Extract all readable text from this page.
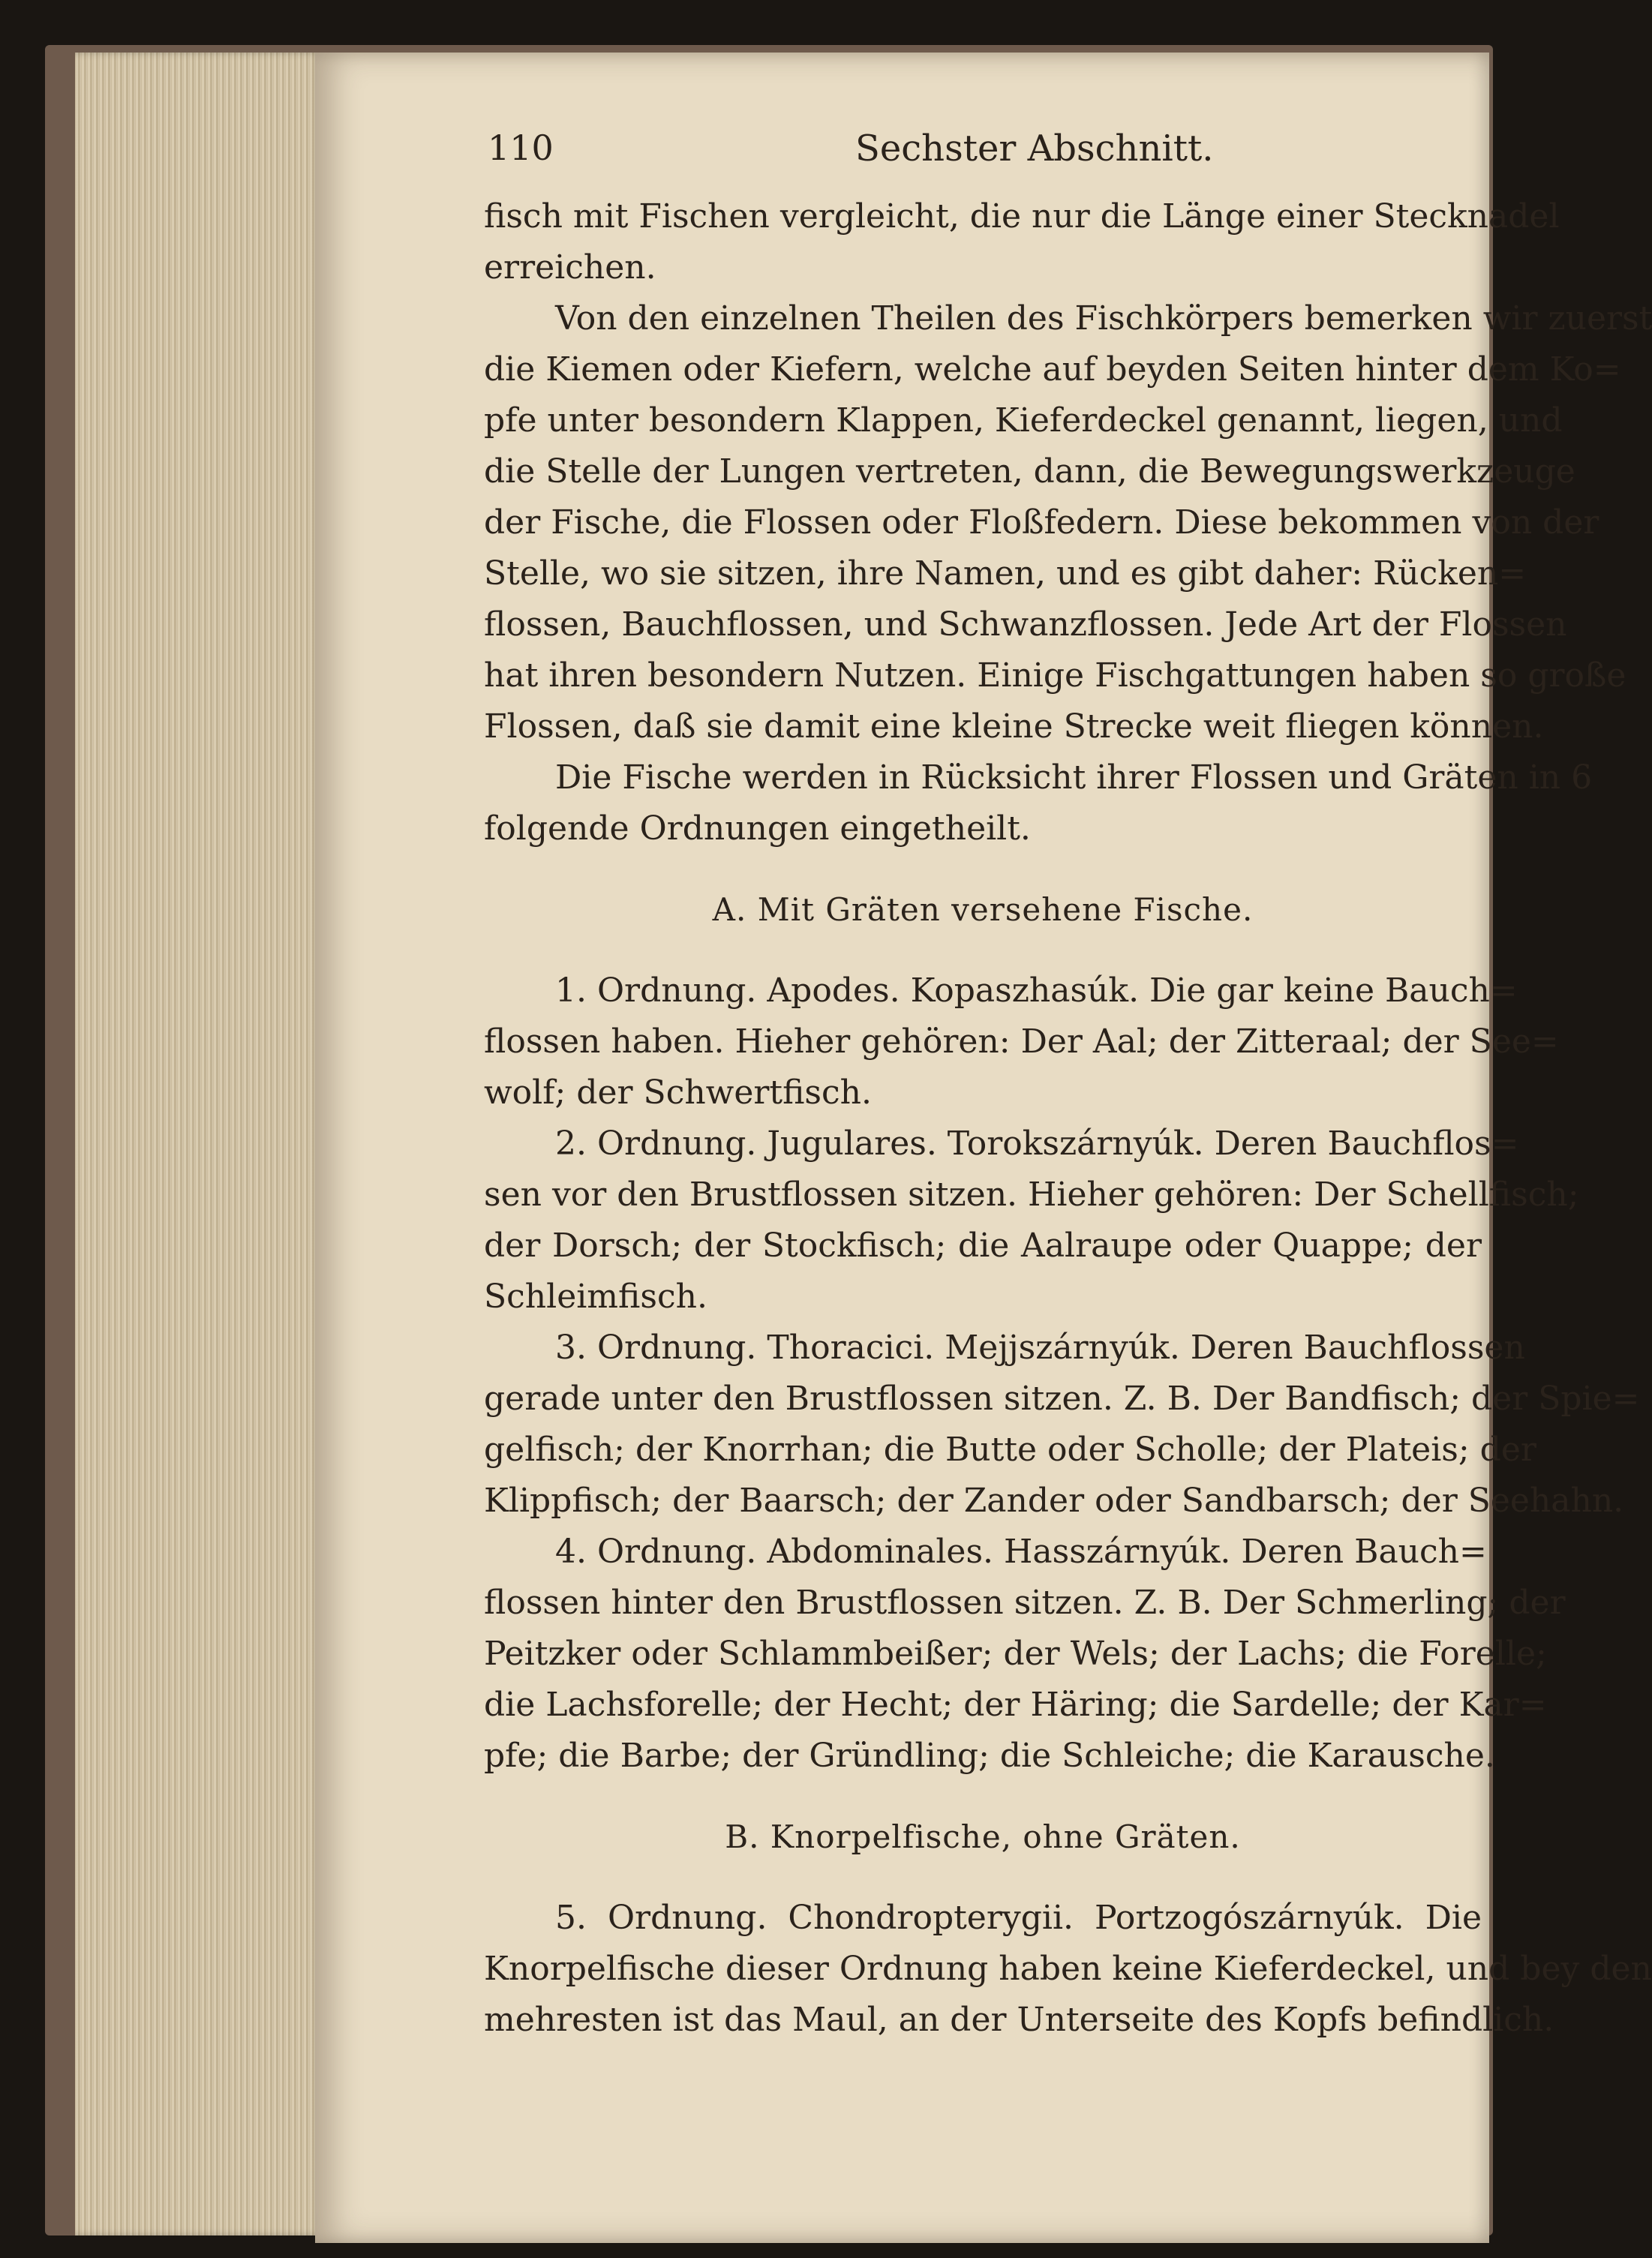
110	Sechster Abschnitt.
fisch mit Fischen vergleicht, die nur die Länge einer Stecknadel
erreichen.
Von den einzelnen Theilen des Fischkörpers bemerken wir zuerst
die Kiemen oder Kiefern, welche auf beyden Seiten hinter dem Ko=
pfe unter besondern Klappen, Kieferdeckel genannt, liegen, und
die Stelle der Lungen vertreten, dann, die Bewegungswerkzeuge
der Fische, die Flossen oder Floßfedern. Diese bekommen von der
Stelle, wo sie sitzen, ihre Namen, und es gibt daher: Rücken=
flossen, Bauchflossen, und Schwanzflossen. Jede Art der Flossen
hat ihren besondern Nutzen. Einige Fischgattungen haben so große
Flossen, daß sie damit eine kleine Strecke weit fliegen können.
Die Fische werden in Rücksicht ihrer Flossen und Gräten in 6
folgende Ordnungen eingetheilt.
A. Mit Gräten versehene Fische.
1. Ordnung. Apodes. Kopaszhasúk. Die gar keine Bauch=
flossen haben. Hieher gehören: Der Aal; der Zitteraal; der See=
wolf; der Schwertfisch.
2. Ordnung. Jugulares. Torokszárnyúk. Deren Bauchflos=
sen vor den Brustflossen sitzen. Hieher gehören: Der Schellfisch;
der Dorsch; der Stockfisch; die Aalraupe oder Quappe; der
Schleimfisch.
3. Ordnung. Thoracici. Mejjszárnyúk. Deren Bauchflossen
gerade unter den Brustflossen sitzen. Z. B. Der Bandfisch; der Spie=
gelfisch; der Knorrhan; die Butte oder Scholle; der Plateis; der
Klippfisch; der Baarsch; der Zander oder Sandbarsch; der Seehahn.
4. Ordnung. Abdominales. Hasszárnyúk. Deren Bauch=
flossen hinter den Brustflossen sitzen. Z. B. Der Schmerling; der
Peitzker oder Schlammbeißer; der Wels; der Lachs; die Forelle;
die Lachsforelle; der Hecht; der Häring; die Sardelle; der Kar=
pfe; die Barbe; der Gründling; die Schleiche; die Karausche.
B. Knorpelfische, ohne Gräten.
5. Ordnung. Chondropterygii. Portzogószárnyúk. Die
Knorpelfische dieser Ordnung haben keine Kieferdeckel, und bey den
mehresten ist das Maul, an der Unterseite des Kopfs befindlich.
